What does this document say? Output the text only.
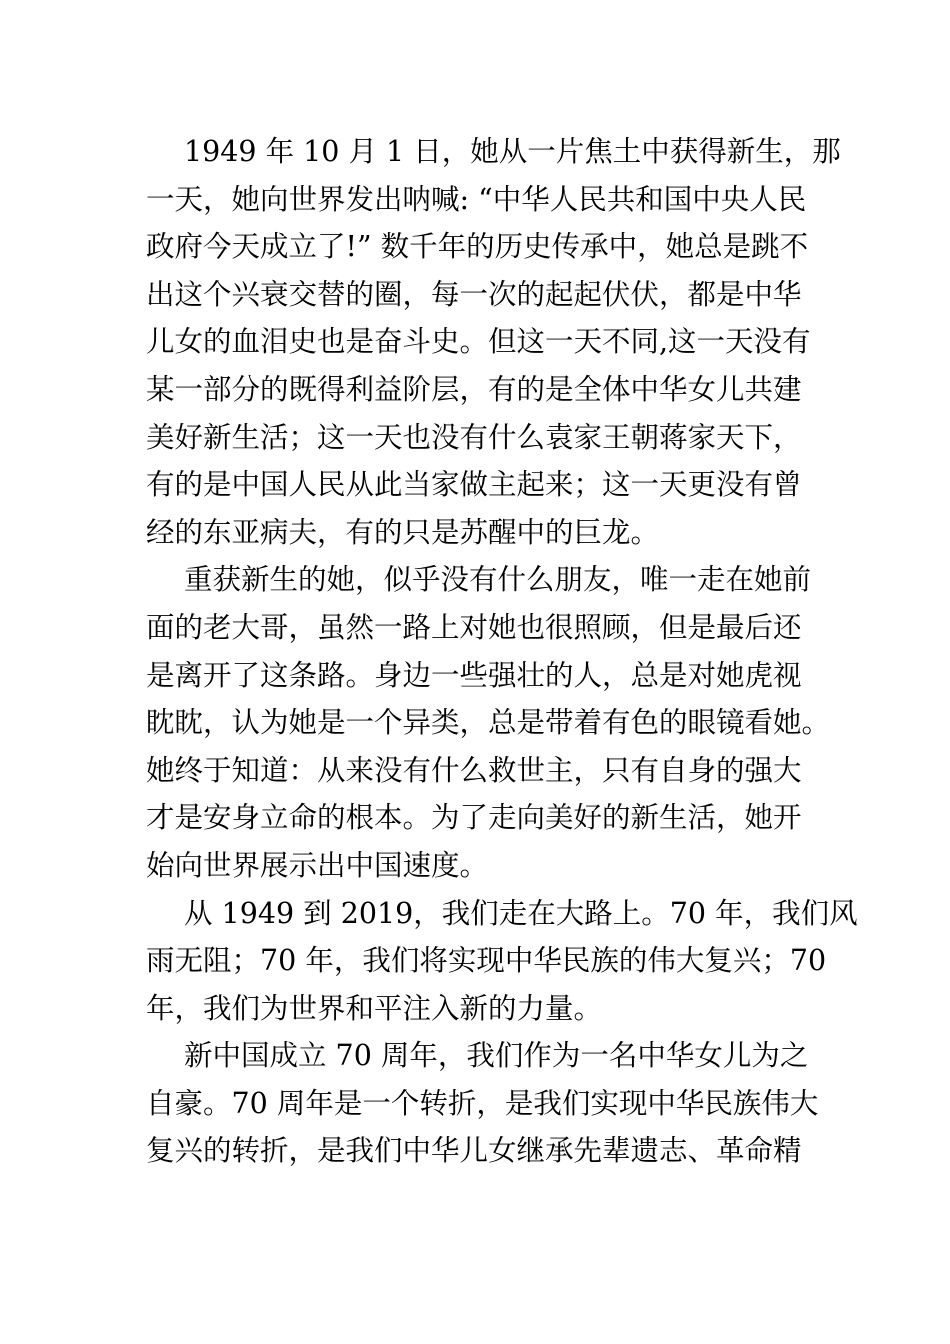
1949 年 10 月 1 日，她从一片焦土中获得新生，那
一天，她向世界发出呐喊: “中华人民共和国中央人民
政府今天成立了!” 数千年的历史传承中，她总是跳不
出这个兴衰交替的圈，每一次的起起伏伏，都是中华
儿女的血泪史也是奋斗史。但这一天不同,这一天没有
某一部分的既得利益阶层，有的是全体中华女儿共建
美好新生活；这一天也没有什么袁家王朝蒋家天下，
有的是中国人民从此当家做主起来；这一天更没有曾
经的东亚病夫，有的只是苏醒中的巨龙。

重获新生的她，似乎没有什么朋友，唯一走在她前
面的老大哥，虽然一路上对她也很照顾，但是最后还
是离开了这条路。身边一些强壮的人，总是对她虎视
眈眈，认为她是一个异类，总是带着有色的眼镜看她。
她终于知道：从来没有什么救世主，只有自身的强大
才是安身立命的根本。为了走向美好的新生活，她开
始向世界展示出中国速度。

从 1949 到 2019，我们走在大路上。70 年，我们风
雨无阻；70 年，我们将实现中华民族的伟大复兴；70
年，我们为世界和平注入新的力量。

新中国成立 70 周年，我们作为一名中华女儿为之
自豪。70 周年是一个转折，是我们实现中华民族伟大
复兴的转折，是我们中华儿女继承先辈遗志、革命精
